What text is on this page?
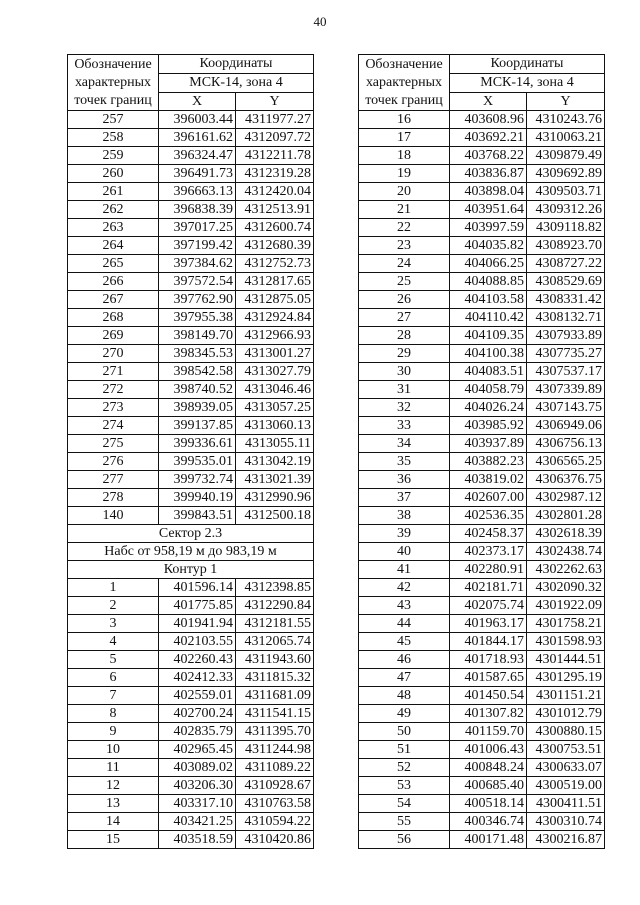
40
Обозначение
характерных
точек границ	Координаты	
	МСК-14, зона 4	
	X	Y
257	396003.44	4311977.27
258	396161.62	4312097.72
259	396324.47	4312211.78
260	396491.73	4312319.28
261	396663.13	4312420.04
262	396838.39	4312513.91
263	397017.25	4312600.74
264	397199.42	4312680.39
265	397384.62	4312752.73
266	397572.54	4312817.65
267	397762.90	4312875.05
268	397955.38	4312924.84
269	398149.70	4312966.93
270	398345.53	4313001.27
271	398542.58	4313027.79
272	398740.52	4313046.46
273	398939.05	4313057.25
274	399137.85	4313060.13
275	399336.61	4313055.11
276	399535.01	4313042.19
277	399732.74	4313021.39
278	399940.19	4312990.96
140	399843.51	4312500.18
Сектор 2.3		
Набс от 958,19 м до 983,19 м		
Контур 1		
1	401596.14	4312398.85
2	401775.85	4312290.84
3	401941.94	4312181.55
4	402103.55	4312065.74
5	402260.43	4311943.60
6	402412.33	4311815.32
7	402559.01	4311681.09
8	402700.24	4311541.15
9	402835.79	4311395.70
10	402965.45	4311244.98
11	403089.02	4311089.22
12	403206.30	4310928.67
13	403317.10	4310763.58
14	403421.25	4310594.22
15	403518.59	4310420.86
Обозначение
характерных
точек границ	Координаты	
	МСК-14, зона 4	
	X	Y
16	403608.96	4310243.76
17	403692.21	4310063.21
18	403768.22	4309879.49
19	403836.87	4309692.89
20	403898.04	4309503.71
21	403951.64	4309312.26
22	403997.59	4309118.82
23	404035.82	4308923.70
24	404066.25	4308727.22
25	404088.85	4308529.69
26	404103.58	4308331.42
27	404110.42	4308132.71
28	404109.35	4307933.89
29	404100.38	4307735.27
30	404083.51	4307537.17
31	404058.79	4307339.89
32	404026.24	4307143.75
33	403985.92	4306949.06
34	403937.89	4306756.13
35	403882.23	4306565.25
36	403819.02	4306376.75
37	402607.00	4302987.12
38	402536.35	4302801.28
39	402458.37	4302618.39
40	402373.17	4302438.74
41	402280.91	4302262.63
42	402181.71	4302090.32
43	402075.74	4301922.09
44	401963.17	4301758.21
45	401844.17	4301598.93
46	401718.93	4301444.51
47	401587.65	4301295.19
48	401450.54	4301151.21
49	401307.82	4301012.79
50	401159.70	4300880.15
51	401006.43	4300753.51
52	400848.24	4300633.07
53	400685.40	4300519.00
54	400518.14	4300411.51
55	400346.74	4300310.74
56	400171.48	4300216.87
